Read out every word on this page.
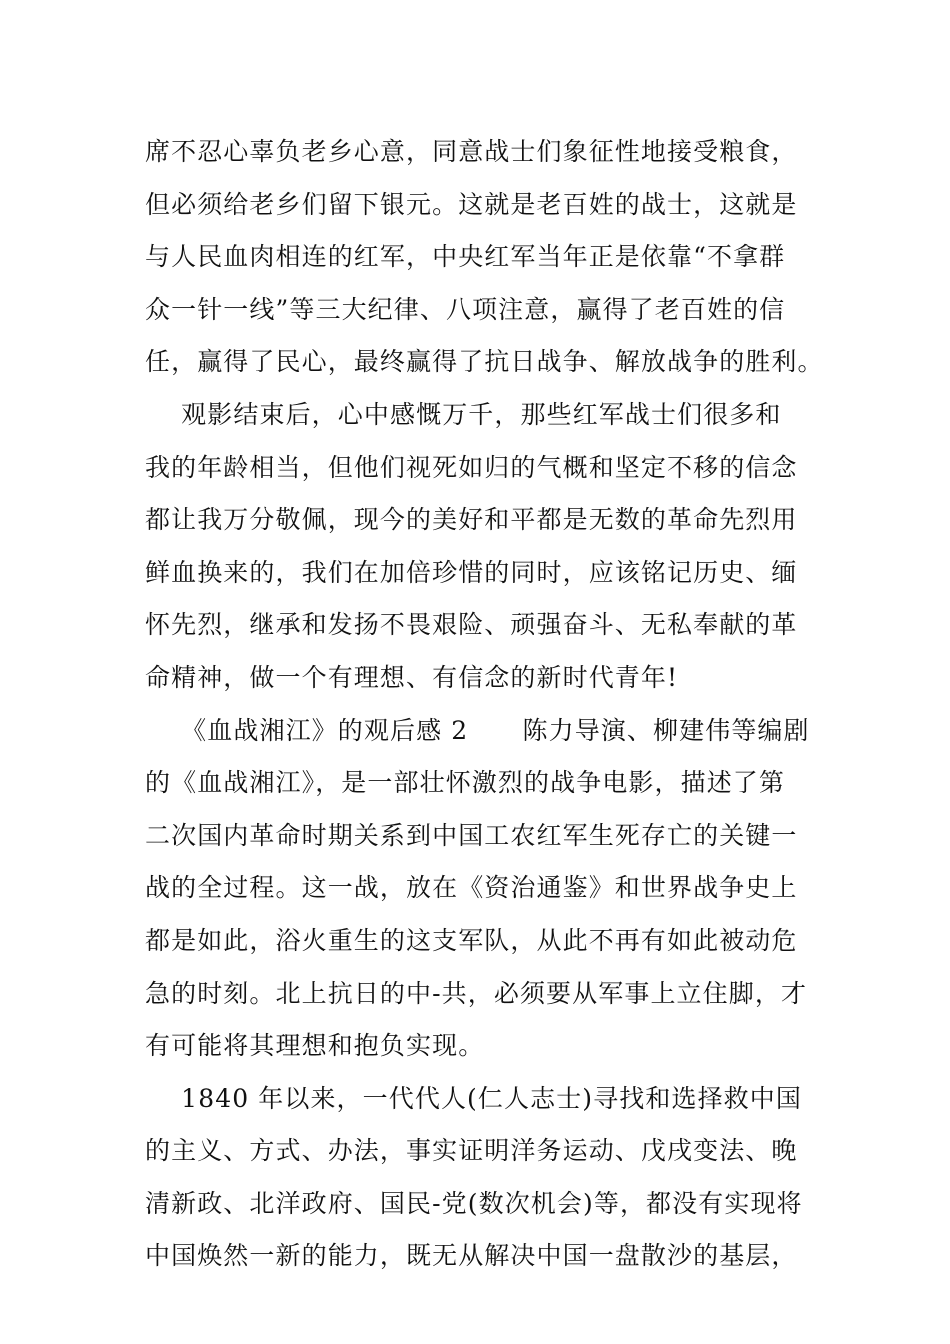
席不忍心辜负老乡心意，同意战士们象征性地接受粮食，
但必须给老乡们留下银元。这就是老百姓的战士，这就是
与人民血肉相连的红军，中央红军当年正是依靠“不拿群
众一针一线”等三大纪律、八项注意，赢得了老百姓的信
任，赢得了民心，最终赢得了抗日战争、解放战争的胜利。
观影结束后，心中感慨万千，那些红军战士们很多和
我的年龄相当，但他们视死如归的气概和坚定不移的信念
都让我万分敬佩，现今的美好和平都是无数的革命先烈用
鲜血换来的，我们在加倍珍惜的同时，应该铭记历史、缅
怀先烈，继承和发扬不畏艰险、顽强奋斗、无私奉献的革
命精神，做一个有理想、有信念的新时代青年!
《血战湘江》的观后感 2      陈力导演、柳建伟等编剧
的《血战湘江》，是一部壮怀激烈的战争电影，描述了第
二次国内革命时期关系到中国工农红军生死存亡的关键一
战的全过程。这一战，放在《资治通鉴》和世界战争史上
都是如此，浴火重生的这支军队，从此不再有如此被动危
急的时刻。北上抗日的中-共，必须要从军事上立住脚，才
有可能将其理想和抱负实现。
1840 年以来，一代代人(仁人志士)寻找和选择救中国
的主义、方式、办法，事实证明洋务运动、戊戌变法、晚
清新政、北洋政府、国民-党(数次机会)等，都没有实现将
中国焕然一新的能力，既无从解决中国一盘散沙的基层，
